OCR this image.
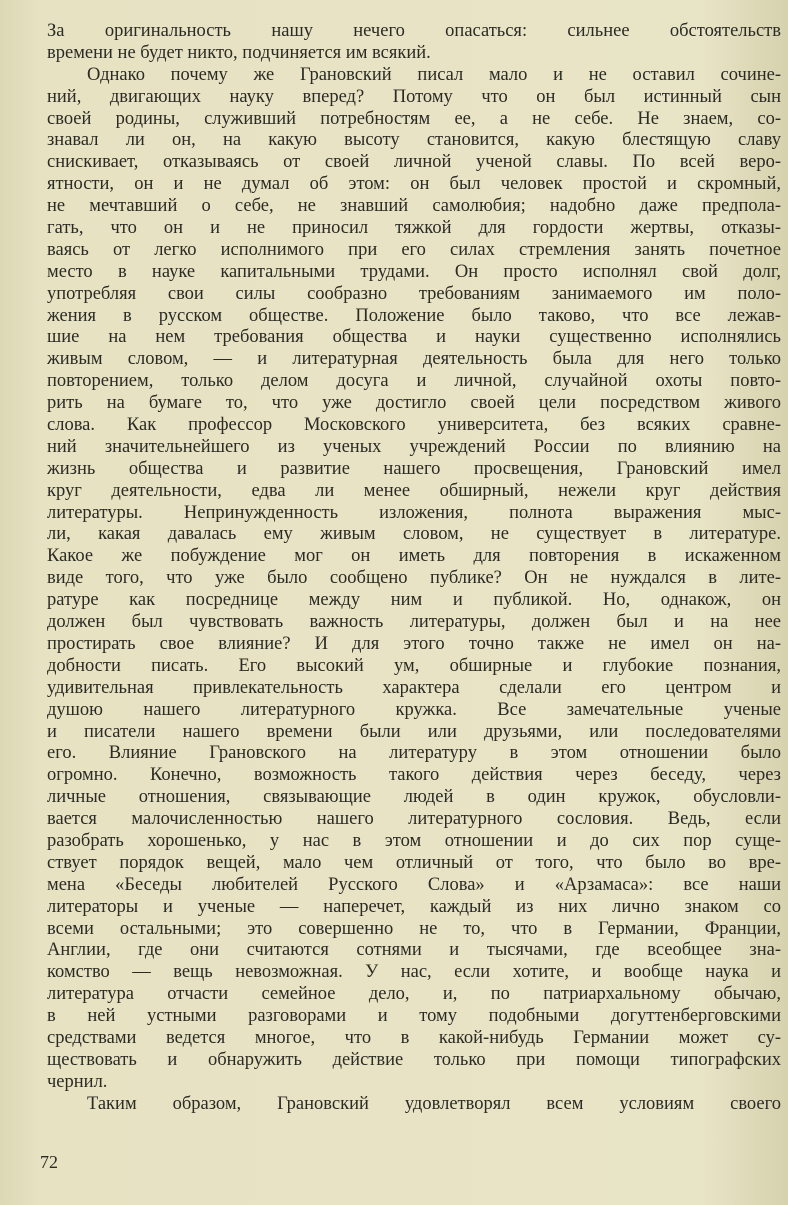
За оригинальность нашу нечего опасаться: сильнее обстоятельств
времени не будет никто, подчиняется им всякий.
Однако почему же Грановский писал мало и не оставил сочине-
ний, двигающих науку вперед? Потому что он был истинный сын
своей родины, служивший потребностям ее, а не себе. Не знаем, со-
знавал ли он, на какую высоту становится, какую блестящую славу
снискивает, отказываясь от своей личной ученой славы. По всей веро-
ятности, он и не думал об этом: он был человек простой и скромный,
не мечтавший о себе, не знавший самолюбия; надобно даже предпола-
гать, что он и не приносил тяжкой для гордости жертвы, отказы-
ваясь от легко исполнимого при его силах стремления занять почетное
место в науке капитальными трудами. Он просто исполнял свой долг,
употребляя свои силы сообразно требованиям занимаемого им поло-
жения в русском обществе. Положение было таково, что все лежав-
шие на нем требования общества и науки существенно исполнялись
живым словом, — и литературная деятельность была для него только
повторением, только делом досуга и личной, случайной охоты повто-
рить на бумаге то, что уже достигло своей цели посредством живого
слова. Как профессор Московского университета, без всяких сравне-
ний значительнейшего из ученых учреждений России по влиянию на
жизнь общества и развитие нашего просвещения, Грановский имел
круг деятельности, едва ли менее обширный, нежели круг действия
литературы. Непринужденность изложения, полнота выражения мыс-
ли, какая давалась ему живым словом, не существует в литературе.
Какое же побуждение мог он иметь для повторения в искаженном
виде того, что уже было сообщено публике? Он не нуждался в лите-
ратуре как посреднице между ним и публикой. Но, однакож, он
должен был чувствовать важность литературы, должен был и на нее
простирать свое влияние? И для этого точно также не имел он на-
добности писать. Его высокий ум, обширные и глубокие познания,
удивительная привлекательность характера сделали его центром и
душою нашего литературного кружка. Все замечательные ученые
и писатели нашего времени были или друзьями, или последователями
его. Влияние Грановского на литературу в этом отношении было
огромно. Конечно, возможность такого действия через беседу, через
личные отношения, связывающие людей в один кружок, обусловли-
вается малочисленностью нашего литературного сословия. Ведь, если
разобрать хорошенько, у нас в этом отношении и до сих пор суще-
ствует порядок вещей, мало чем отличный от того, что было во вре-
мена «Беседы любителей Русского Слова» и «Арзамаса»: все наши
литераторы и ученые — наперечет, каждый из них лично знаком со
всеми остальными; это совершенно не то, что в Германии, Франции,
Англии, где они считаются сотнями и тысячами, где всеобщее зна-
комство — вещь невозможная. У нас, если хотите, и вообще наука и
литература отчасти семейное дело, и, по патриархальному обычаю,
в ней устными разговорами и тому подобными догуттенберговскими
средствами ведется многое, что в какой-нибудь Германии может су-
ществовать и обнаружить действие только при помощи типографских
чернил.
Таким образом, Грановский удовлетворял всем условиям своего
72
